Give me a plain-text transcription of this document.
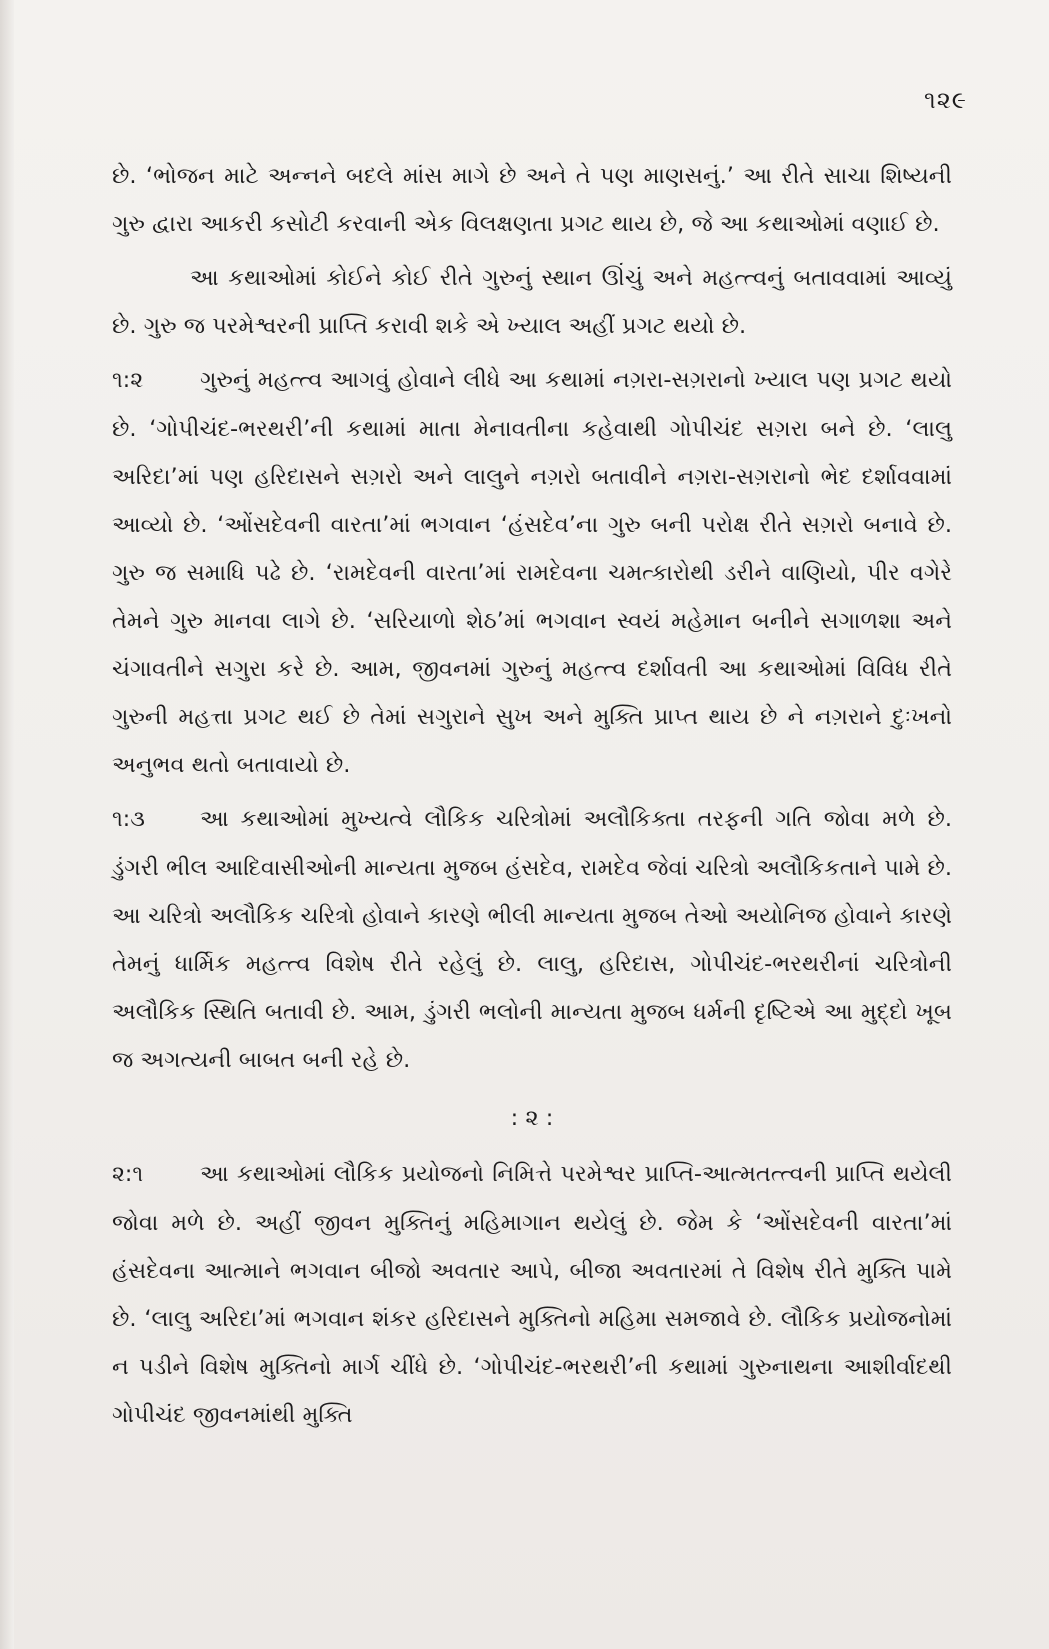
૧૨૯

છે. ‘ભોજન માટે અન્નને બદલે માંસ માગે છે અને તે પણ માણસનું.’ આ રીતે સાચા શિષ્યની ગુરુ દ્વારા આકરી કસોટી કરવાની એક વિલક્ષણતા પ્રગટ થાય છે, જે આ કથાઓમાં વણાઈ છે.

આ કથાઓમાં કોઈને કોઈ રીતે ગુરુનું સ્થાન ઊંચું અને મહત્ત્વનું બતાવવામાં આવ્યું છે. ગુરુ જ પરમેશ્વરની પ્રાપ્તિ કરાવી શકે એ ખ્યાલ અહીં પ્રગટ થયો છે.

૧:૨	ગુરુનું મહત્ત્વ આગવું હોવાને લીધે આ કથામાં નગ઼રા-સગ઼રાનો ખ્યાલ પણ પ્રગટ થયો છે. ‘ગોપીચંદ-ભરથરી’ની કથામાં માતા મેનાવતીના કહેવાથી ગોપીચંદ સગ઼રા બને છે. ‘લાલુ અરિદા’માં પણ હરિદાસને સગ઼રો અને લાલુને નગ઼રો બતાવીને નગ઼રા-સગ઼રાનો ભેદ દર્શાવવામાં આવ્યો છે. ‘ઓંસદેવની વારતા’માં ભગવાન ‘હંસદેવ’ના ગુરુ બની પરોક્ષ રીતે સગ઼રો બનાવે છે. ગુરુ જ સમાધિ પઢે છે. ‘રામદેવની વારતા’માં રામદેવના ચમત્કારોથી ડરીને વાણિયો, પીર વગેરે તેમને ગુરુ માનવા લાગે છે. ‘સરિયાળો શેઠ’માં ભગવાન સ્વયં મહેમાન બનીને સગાળશા અને ચંગાવતીને સગુરા કરે છે. આમ, જીવનમાં ગુરુનું મહત્ત્વ દર્શાવતી આ કથાઓમાં વિવિધ રીતે ગુરુની મહત્તા પ્રગટ થઈ છે તેમાં સગુરાને સુખ અને મુક્તિ પ્રાપ્ત થાય છે ને નગ઼રાને દુઃખનો અનુભવ થતો બતાવાયો છે.

૧:૩ આ કથાઓમાં મુખ્યત્વે લૌકિક ચરિત્રોમાં અલૌકિક્તા તરફની ગતિ જોવા મળે છે. ડુંગરી ભીલ આદિવાસીઓની માન્યતા મુજબ હંસદેવ, રામદેવ જેવાં ચરિત્રો અલૌકિકતાને પામે છે. આ ચરિત્રો અલૌકિક ચરિત્રો હોવાને કારણે ભીલી માન્યતા મુજબ તેઓ અયોનિજ હોવાને કારણે તેમનું ધાર્મિક મહત્ત્વ વિશેષ રીતે રહેલું છે. લાલુ, હરિદાસ, ગોપીચંદ-ભરથરીનાં ચરિત્રોની અલૌકિક સ્થિતિ બતાવી છે. આમ, ડુંગરી ભલોની માન્યતા મુજબ ધર્મની દૃષ્ટિએ આ મુદ્દો ખૂબ જ અગત્યની બાબત બની રહે છે.

: ૨ :

૨:૧	આ કથાઓમાં લૌકિક પ્રયોજનો નિમિત્તે પરમેશ્વર પ્રાપ્તિ-આત્મતત્ત્વની પ્રાપ્તિ થયેલી જોવા મળે છે. અહીં જીવન મુક્તિનું મહિમાગાન થયેલું છે. જેમ કે ‘ઓંસદેવની વારતા’માં હંસદેવના આત્માને ભગવાન બીજો અવતાર આપે, બીજા અવતારમાં તે વિશેષ રીતે મુક્તિ પામે છે. ‘લાલુ અરિદા’માં ભગવાન શંકર હરિદાસને મુક્તિનો મહિમા સમજાવે છે. લૌકિક પ્રયોજનોમાં ન પડીને વિશેષ મુક્તિનો માર્ગ ચીંધે છે. ‘ગોપીચંદ-ભરથરી’ની કથામાં ગુરુનાથના આશીર્વાદથી ગોપીચંદ જીવનમાંથી મુક્તિ
